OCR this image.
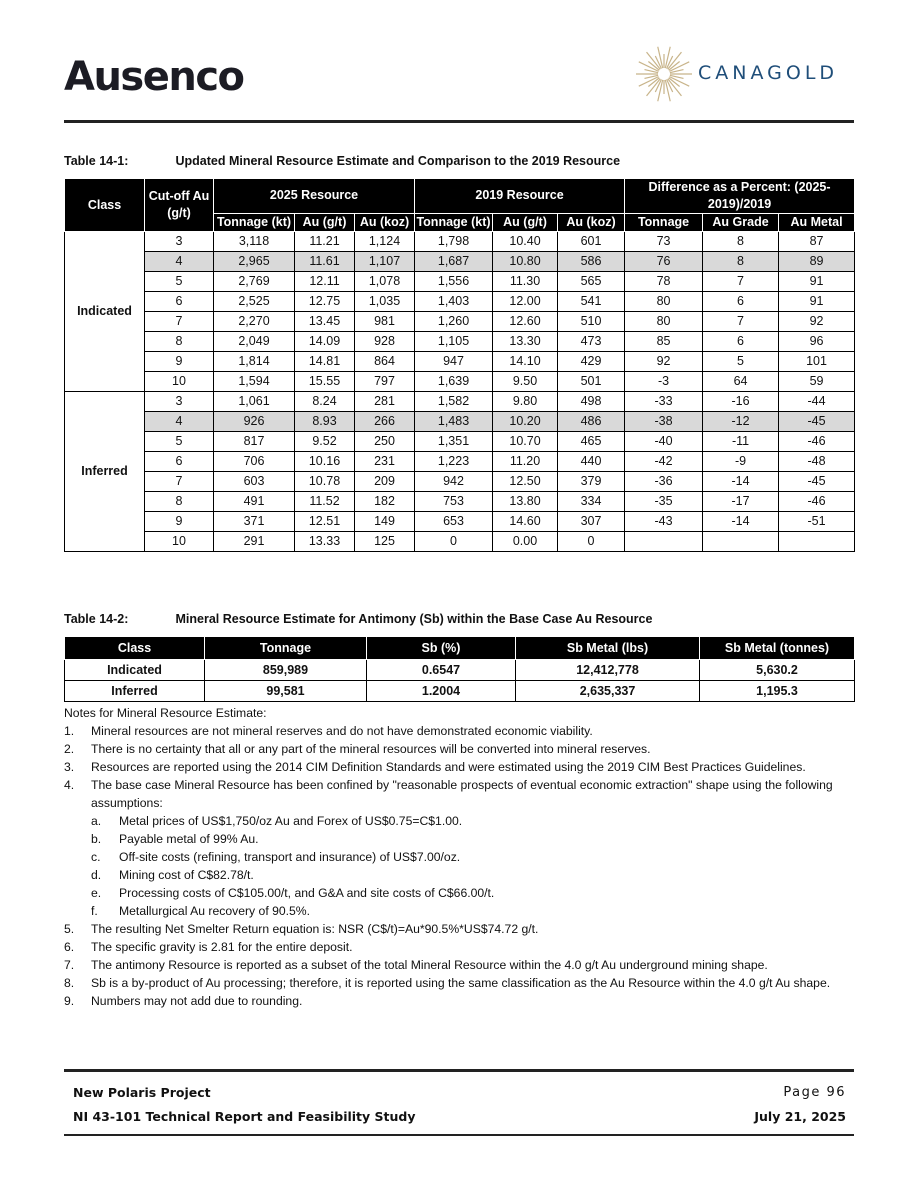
Ausenco	CANAGOLD
Table 14-1:	Updated Mineral Resource Estimate and Comparison to the 2019 Resource
Class	Cut-off Au (g/t)	2025 Resource			2019 Resource			Difference as a Percent: (2025-2019)/2019		
		Tonnage (kt)	Au (g/t)	Au (koz)	Tonnage (kt)	Au (g/t)	Au (koz)			
								Tonnage	Au Grade	Au Metal
Indicated	3	3,118	11.21	1,124	1,798	10.40	601	73	8	87
	4	2,965	11.61	1,107	1,687	10.80	586	76	8	89
	5	2,769	12.11	1,078	1,556	11.30	565	78	7	91
	6	2,525	12.75	1,035	1,403	12.00	541	80	6	91
	7	2,270	13.45	981	1,260	12.60	510	80	7	92
	8	2,049	14.09	928	1,105	13.30	473	85	6	96
	9	1,814	14.81	864	947	14.10	429	92	5	101
	10	1,594	15.55	797	1,639	9.50	501	-3	64	59
Inferred	3	1,061	8.24	281	1,582	9.80	498	-33	-16	-44
	4	926	8.93	266	1,483	10.20	486	-38	-12	-45
	5	817	9.52	250	1,351	10.70	465	-40	-11	-46
	6	706	10.16	231	1,223	11.20	440	-42	-9	-48
	7	603	10.78	209	942	12.50	379	-36	-14	-45
	8	491	11.52	182	753	13.80	334	-35	-17	-46
	9	371	12.51	149	653	14.60	307	-43	-14	-51
	10	291	13.33	125	0	0.00	0			
Table 14-2:	Mineral Resource Estimate for Antimony (Sb) within the Base Case Au Resource
Class	Tonnage	Sb (%)	Sb Metal (lbs)	Sb Metal (tonnes)
Indicated	859,989	0.6547	12,412,778	5,630.2
Inferred	99,581	1.2004	2,635,337	1,195.3

Notes for Mineral Resource Estimate:

1. Mineral resources are not mineral reserves and do not have demonstrated economic viability.
2. There is no certainty that all or any part of the mineral resources will be converted into mineral reserves.
3. Resources are reported using the 2014 CIM Definition Standards and were estimated using the 2019 CIM Best Practices Guidelines.
4. The base case Mineral Resource has been confined by "reasonable prospects of eventual economic extraction" shape using the following assumptions:
a. Metal prices of US$1,750/oz Au and Forex of US$0.75=C$1.00.
b. Payable metal of 99% Au.
c. Off-site costs (refining, transport and insurance) of US$7.00/oz.
d. Mining cost of C$82.78/t.
e. Processing costs of C$105.00/t, and G&A and site costs of C$66.00/t.
f. Metallurgical Au recovery of 90.5%.
5. The resulting Net Smelter Return equation is: NSR (C$/t)=Au*90.5%*US$74.72 g/t.
6. The specific gravity is 2.81 for the entire deposit.
7. The antimony Resource is reported as a subset of the total Mineral Resource within the 4.0 g/t Au underground mining shape.
8. Sb is a by-product of Au processing; therefore, it is reported using the same classification as the Au Resource within the 4.0 g/t Au shape.
9. Numbers may not add due to rounding.
New Polaris Project
NI 43-101 Technical Report and Feasibility Study
Page 96
July 21, 2025
